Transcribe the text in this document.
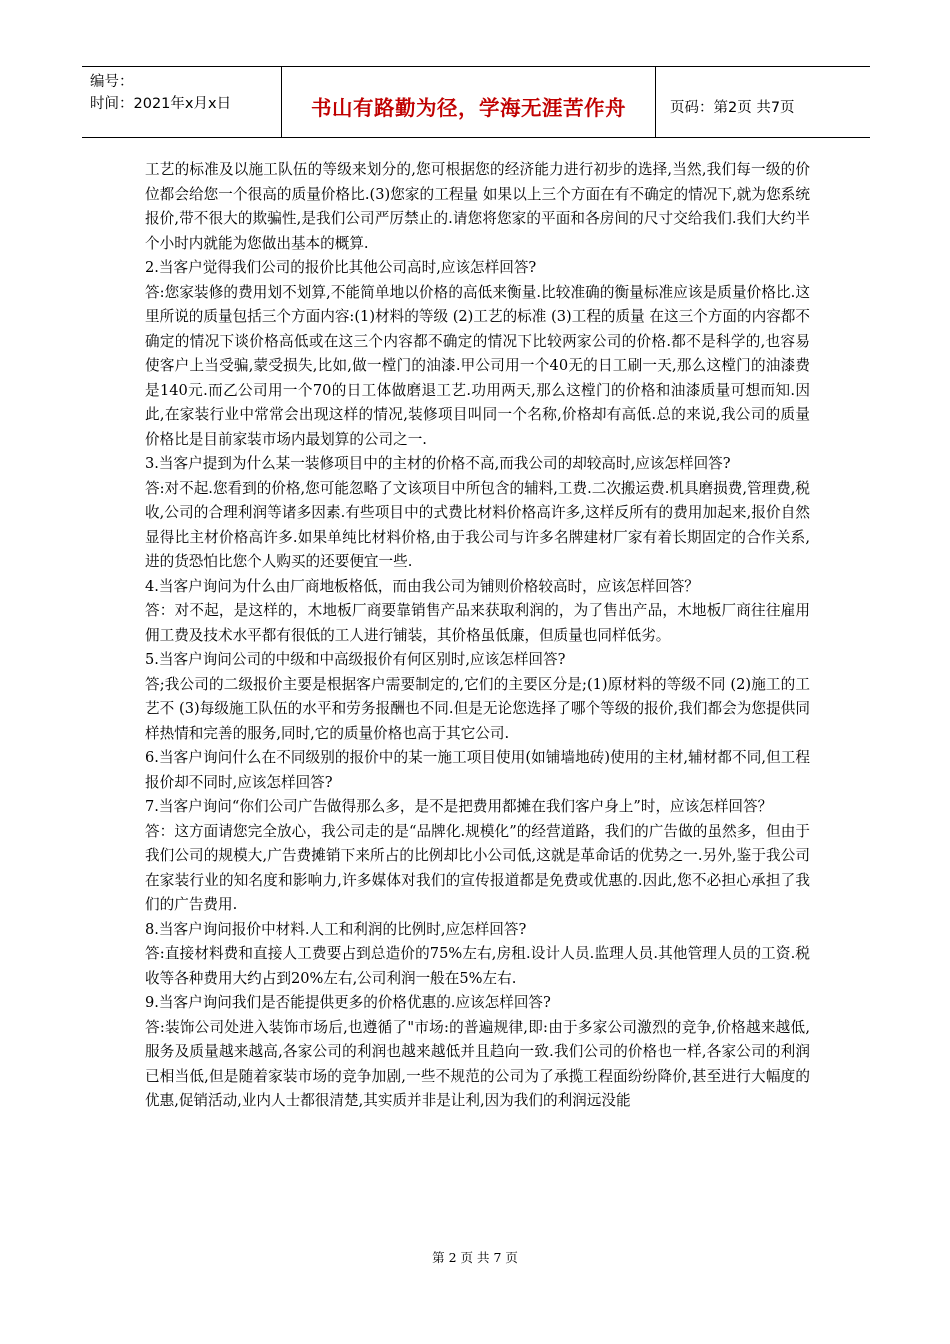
编号：
时间：2021年x月x日	书山有路勤为径，学海无涯苦作舟	页码：第2页 共7页

工艺的标准及以施工队伍的等级来划分的,您可根据您的经济能力进行初步的选择,当然,我们每一级的价位都会给您一个很高的质量价格比.(3)您家的工程量 如果以上三个方面在有不确定的情况下,就为您系统报价,带不很大的欺骗性,是我们公司严厉禁止的.请您将您家的平面和各房间的尺寸交给我们.我们大约半个小时内就能为您做出基本的概算.

2.当客户觉得我们公司的报价比其他公司高时,应该怎样回答?

答:您家装修的费用划不划算,不能简单地以价格的高低来衡量.比较准确的衡量标准应该是质量价格比.这里所说的质量包括三个方面内容:(1)材料的等级 (2)工艺的标准 (3)工程的质量 在这三个方面的内容都不确定的情况下谈价格高低或在这三个内容都不确定的情况下比较两家公司的价格.都不是科学的,也容易使客户上当受骗,蒙受损失,比如,做一樘门的油漆.甲公司用一个40无的日工刷一天,那么这樘门的油漆费是140元.而乙公司用一个70的日工体做磨退工艺.功用两天,那么这樘门的价格和油漆质量可想而知.因此,在家装行业中常常会出现这样的情况,装修项目叫同一个名称,价格却有高低.总的来说,我公司的质量价格比是目前家装市场内最划算的公司之一.

3.当客户提到为什么某一装修项目中的主材的价格不高,而我公司的却较高时,应该怎样回答?

答:对不起.您看到的价格,您可能忽略了文该项目中所包含的辅料,工费.二次搬运费.机具磨损费,管理费,税收,公司的合理利润等诸多因素.有些项目中的式费比材料价格高许多,这样反所有的费用加起来,报价自然显得比主材价格高许多.如果单纯比材料价格,由于我公司与许多名牌建材厂家有着长期固定的合作关系,进的货恐怕比您个人购买的还要便宜一些.

4.当客户询问为什么由厂商地板格低，而由我公司为铺则价格较高时，应该怎样回答？

答：对不起，是这样的，木地板厂商要靠销售产品来获取利润的，为了售出产品，木地板厂商往往雇用佣工费及技术水平都有很低的工人进行铺装，其价格虽低廉，但质量也同样低劣。

5.当客户询问公司的中级和中高级报价有何区别时,应该怎样回答?

答;我公司的二级报价主要是根据客户需要制定的,它们的主要区分是;(1)原材料的等级不同 (2)施工的工艺不 (3)每级施工队伍的水平和劳务报酬也不同.但是无论您选择了哪个等级的报价,我们都会为您提供同样热情和完善的服务,同时,它的质量价格也高于其它公司.

6.当客户询问什么在不同级别的报价中的某一施工项目使用(如铺墙地砖)使用的主材,辅材都不同,但工程报价却不同时,应该怎样回答?

7.当客户询问“你们公司广告做得那么多，是不是把费用都摊在我们客户身上”时，应该怎样回答？

答：这方面请您完全放心，我公司走的是“品牌化.规模化”的经营道路，我们的广告做的虽然多，但由于我们公司的规模大,广告费摊销下来所占的比例却比小公司低,这就是革命话的优势之一.另外,鉴于我公司在家装行业的知名度和影响力,许多媒体对我们的宣传报道都是免费或优惠的.因此,您不必担心承担了我们的广告费用.

8.当客户询问报价中材料.人工和利润的比例时,应怎样回答?

答:直接材料费和直接人工费要占到总造价的75%左右,房租.设计人员.监理人员.其他管理人员的工资.税收等各种费用大约占到20%左右,公司利润一般在5%左右.

9.当客户询问我们是否能提供更多的价格优惠的.应该怎样回答?

答:装饰公司处进入装饰市场后,也遵循了"市场:的普遍规律,即:由于多家公司激烈的竞争,价格越来越低,服务及质量越来越高,各家公司的利润也越来越低并且趋向一致.我们公司的价格也一样,各家公司的利润已相当低,但是随着家装市场的竞争加剧,一些不规范的公司为了承揽工程面纷纷降价,甚至进行大幅度的优惠,促销活动,业内人士都很清楚,其实质并非是让利,因为我们的利润远没能

第 2 页 共 7 页
